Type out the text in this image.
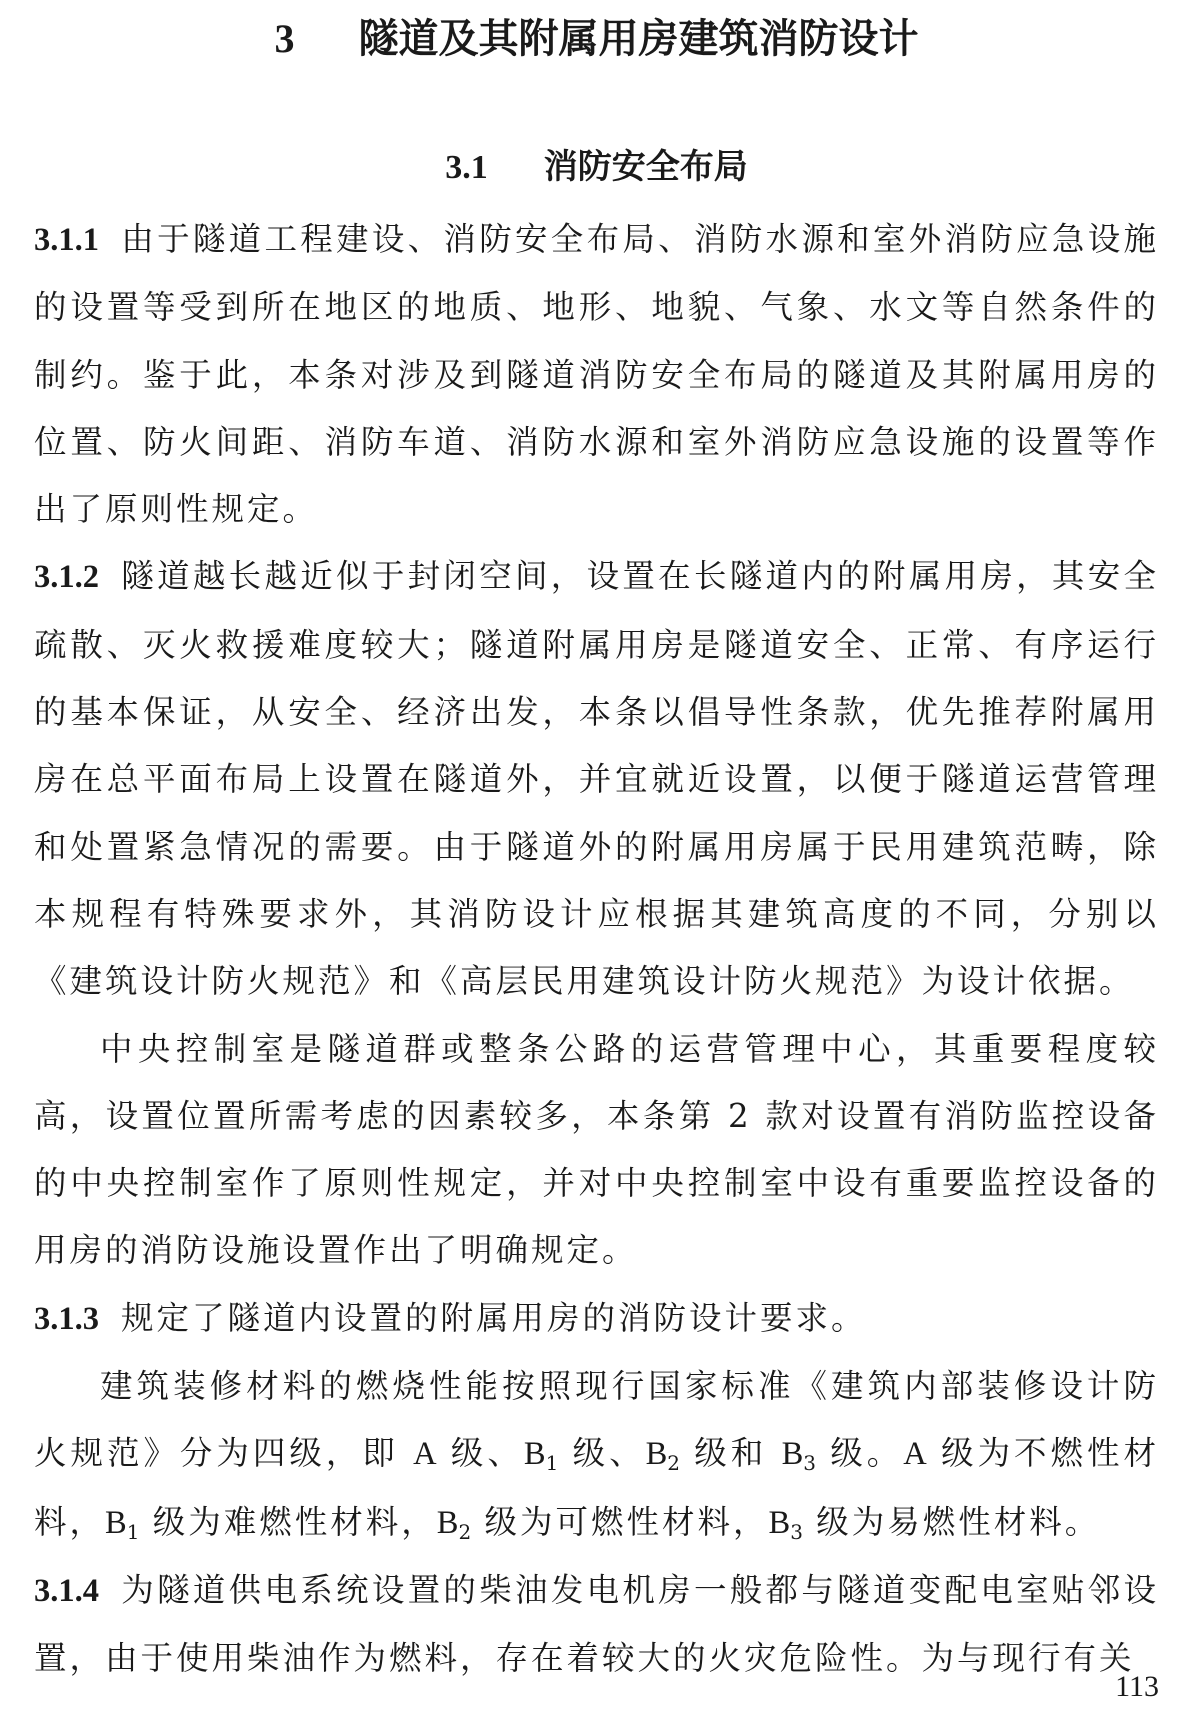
3 隧道及其附属用房建筑消防设计
3.1 消防安全布局

3.1.1 由于隧道工程建设、消防安全布局、消防水源和室外消防应急设施的设置等受到所在地区的地质、地形、地貌、气象、水文等自然条件的制约。鉴于此，本条对涉及到隧道消防安全布局的隧道及其附属用房的位置、防火间距、消防车道、消防水源和室外消防应急设施的设置等作出了原则性规定。

3.1.2 隧道越长越近似于封闭空间，设置在长隧道内的附属用房，其安全疏散、灭火救援难度较大；隧道附属用房是隧道安全、正常、有序运行的基本保证，从安全、经济出发，本条以倡导性条款，优先推荐附属用房在总平面布局上设置在隧道外，并宜就近设置，以便于隧道运营管理和处置紧急情况的需要。由于隧道外的附属用房属于民用建筑范畴，除本规程有特殊要求外，其消防设计应根据其建筑高度的不同，分别以《建筑设计防火规范》和《高层民用建筑设计防火规范》为设计依据。

中央控制室是隧道群或整条公路的运营管理中心，其重要程度较高，设置位置所需考虑的因素较多，本条第 2 款对设置有消防监控设备的中央控制室作了原则性规定，并对中央控制室中设有重要监控设备的用房的消防设施设置作出了明确规定。

3.1.3 规定了隧道内设置的附属用房的消防设计要求。

建筑装修材料的燃烧性能按照现行国家标准《建筑内部装修设计防火规范》分为四级，即 A 级、$B_1$ 级、$B_2$ 级和 $B_3$ 级。A 级为不燃性材料，$B_1$ 级为难燃性材料，$B_2$ 级为可燃性材料，$B_3$ 级为易燃性材料。

3.1.4 为隧道供电系统设置的柴油发电机房一般都与隧道变配电室贴邻设置，由于使用柴油作为燃料，存在着较大的火灾危险性。为与现行有关

113
